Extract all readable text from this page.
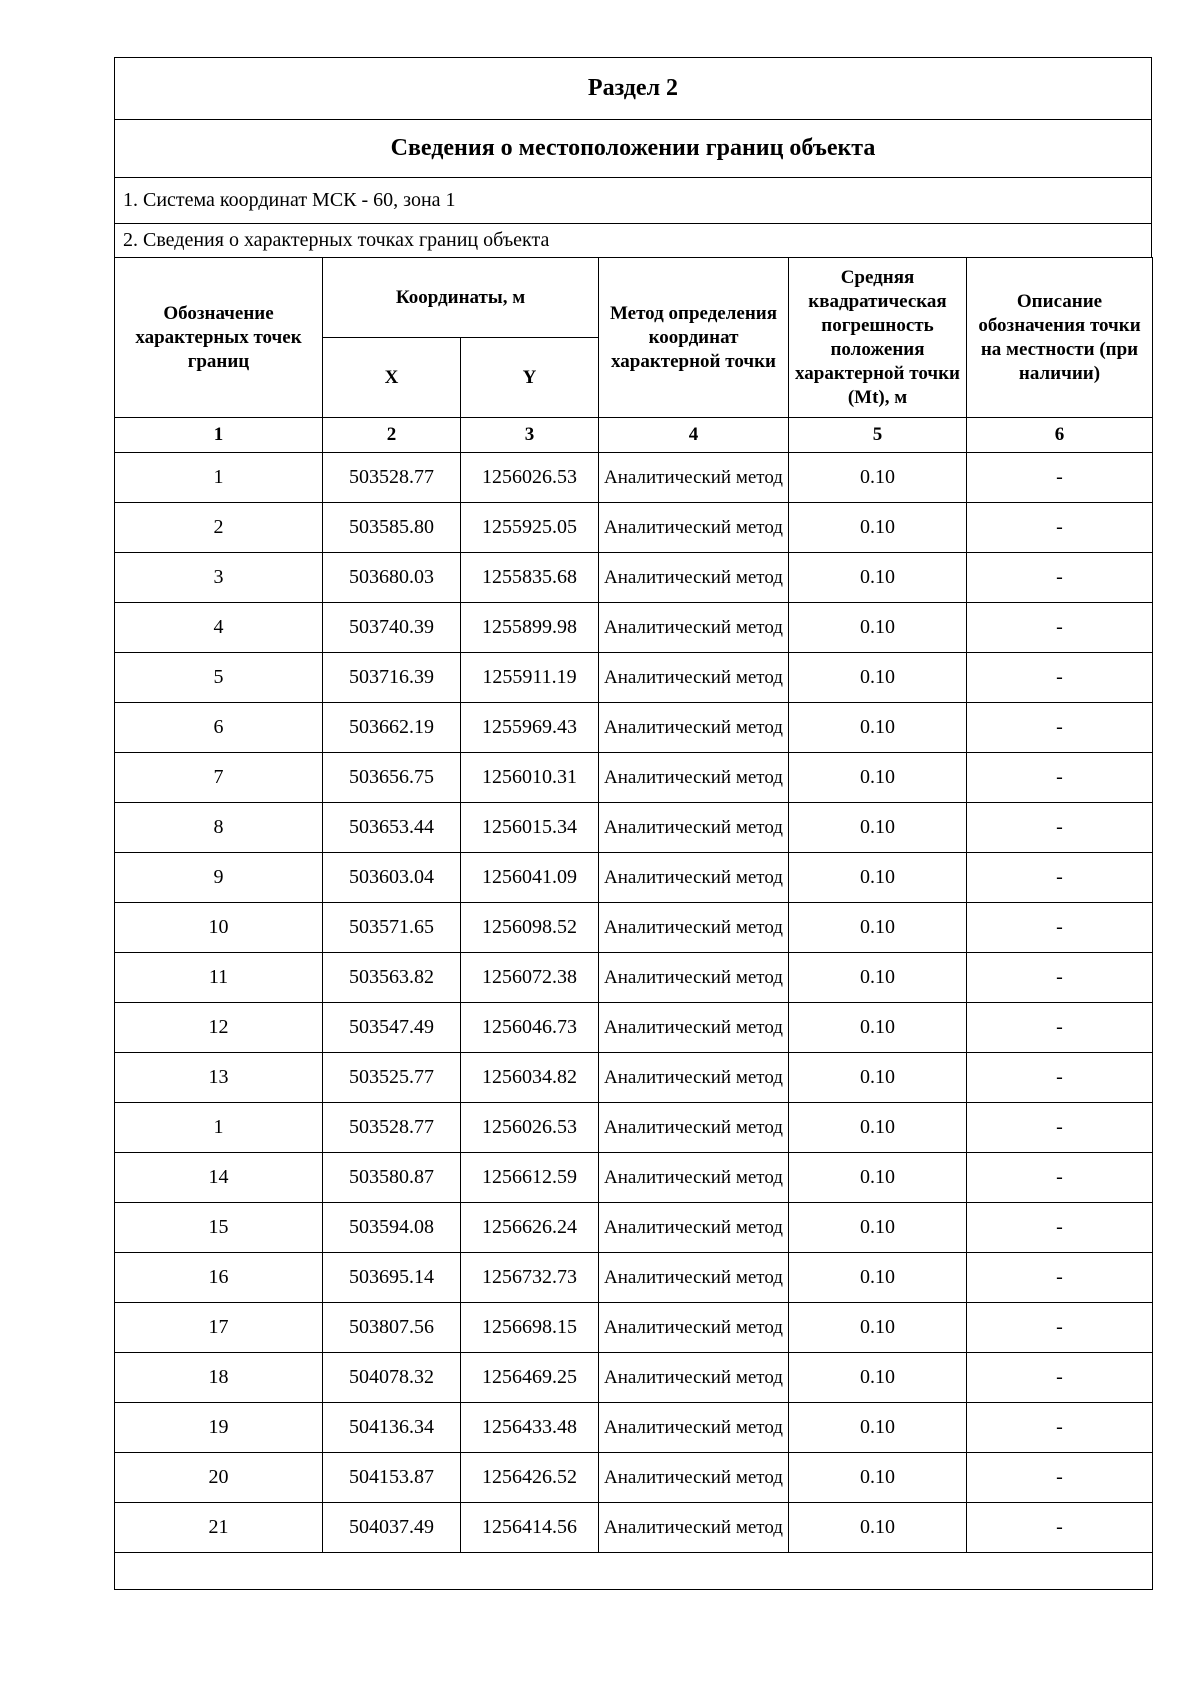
Раздел 2
Сведения о местоположении границ объекта
1. Система координат МСК - 60, зона 1
2. Сведения о характерных точках границ объекта
Обозначение характерных точек границ	Координаты, м		Метод определения координат характерной точки	Средняя квадратическая погрешность положения характерной точки (Mt), м	Описание обозначения точки на местности (при наличии)
	X	Y			
1	2	3	4	5	6
1	503528.77	1256026.53	Аналитический метод	0.10	-
2	503585.80	1255925.05	Аналитический метод	0.10	-
3	503680.03	1255835.68	Аналитический метод	0.10	-
4	503740.39	1255899.98	Аналитический метод	0.10	-
5	503716.39	1255911.19	Аналитический метод	0.10	-
6	503662.19	1255969.43	Аналитический метод	0.10	-
7	503656.75	1256010.31	Аналитический метод	0.10	-
8	503653.44	1256015.34	Аналитический метод	0.10	-
9	503603.04	1256041.09	Аналитический метод	0.10	-
10	503571.65	1256098.52	Аналитический метод	0.10	-
11	503563.82	1256072.38	Аналитический метод	0.10	-
12	503547.49	1256046.73	Аналитический метод	0.10	-
13	503525.77	1256034.82	Аналитический метод	0.10	-
1	503528.77	1256026.53	Аналитический метод	0.10	-
14	503580.87	1256612.59	Аналитический метод	0.10	-
15	503594.08	1256626.24	Аналитический метод	0.10	-
16	503695.14	1256732.73	Аналитический метод	0.10	-
17	503807.56	1256698.15	Аналитический метод	0.10	-
18	504078.32	1256469.25	Аналитический метод	0.10	-
19	504136.34	1256433.48	Аналитический метод	0.10	-
20	504153.87	1256426.52	Аналитический метод	0.10	-
21	504037.49	1256414.56	Аналитический метод	0.10	-
